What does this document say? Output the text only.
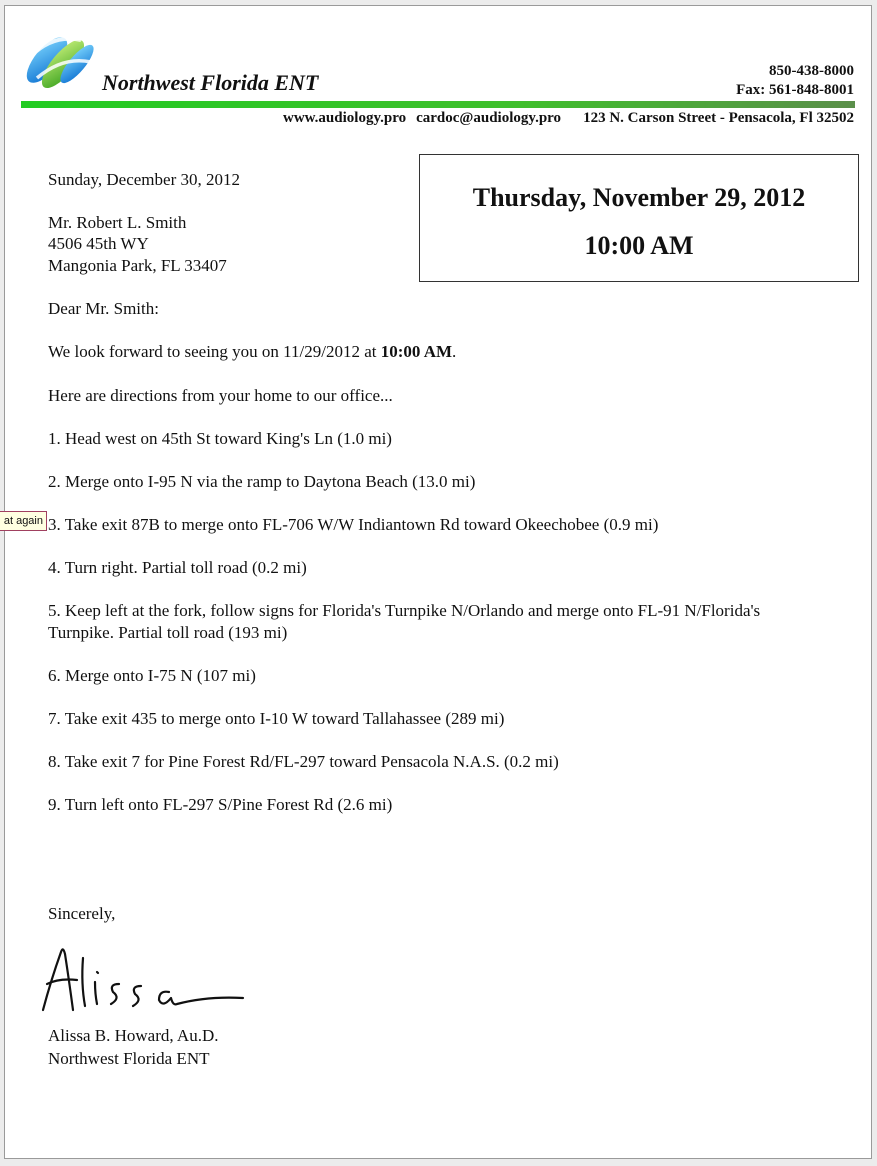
Northwest Florida ENT	850-438-8000
Fax: 561-848-8001
www.audiology.pro cardoc@audiology.pro 123 N. Carson Street - Pensacola, Fl 32502
Thursday, November 29, 2012
10:00 AM
Sunday, December 30, 2012
Mr. Robert L. Smith
4506 45th WY
Mangonia Park, FL 33407
Dear Mr. Smith:
We look forward to seeing you on 11/29/2012 at 10:00 AM.
Here are directions from your home to our office...
1. Head west on 45th St toward King's Ln (1.0 mi)
2. Merge onto I-95 N via the ramp to Daytona Beach (13.0 mi)
3. Take exit 87B to merge onto FL-706 W/W Indiantown Rd toward Okeechobee (0.9 mi)
4. Turn right. Partial toll road (0.2 mi)
5. Keep left at the fork, follow signs for Florida's Turnpike N/Orlando and merge onto FL-91 N/Florida's Turnpike. Partial toll road (193 mi)
6. Merge onto I-75 N (107 mi)
7. Take exit 435 to merge onto I-10 W toward Tallahassee (289 mi)
8. Take exit 7 for Pine Forest Rd/FL-297 toward Pensacola N.A.S. (0.2 mi)
9. Turn left onto FL-297 S/Pine Forest Rd (2.6 mi)
Sincerely,
Alissa B. Howard, Au.D.
Northwest Florida ENT
at again
